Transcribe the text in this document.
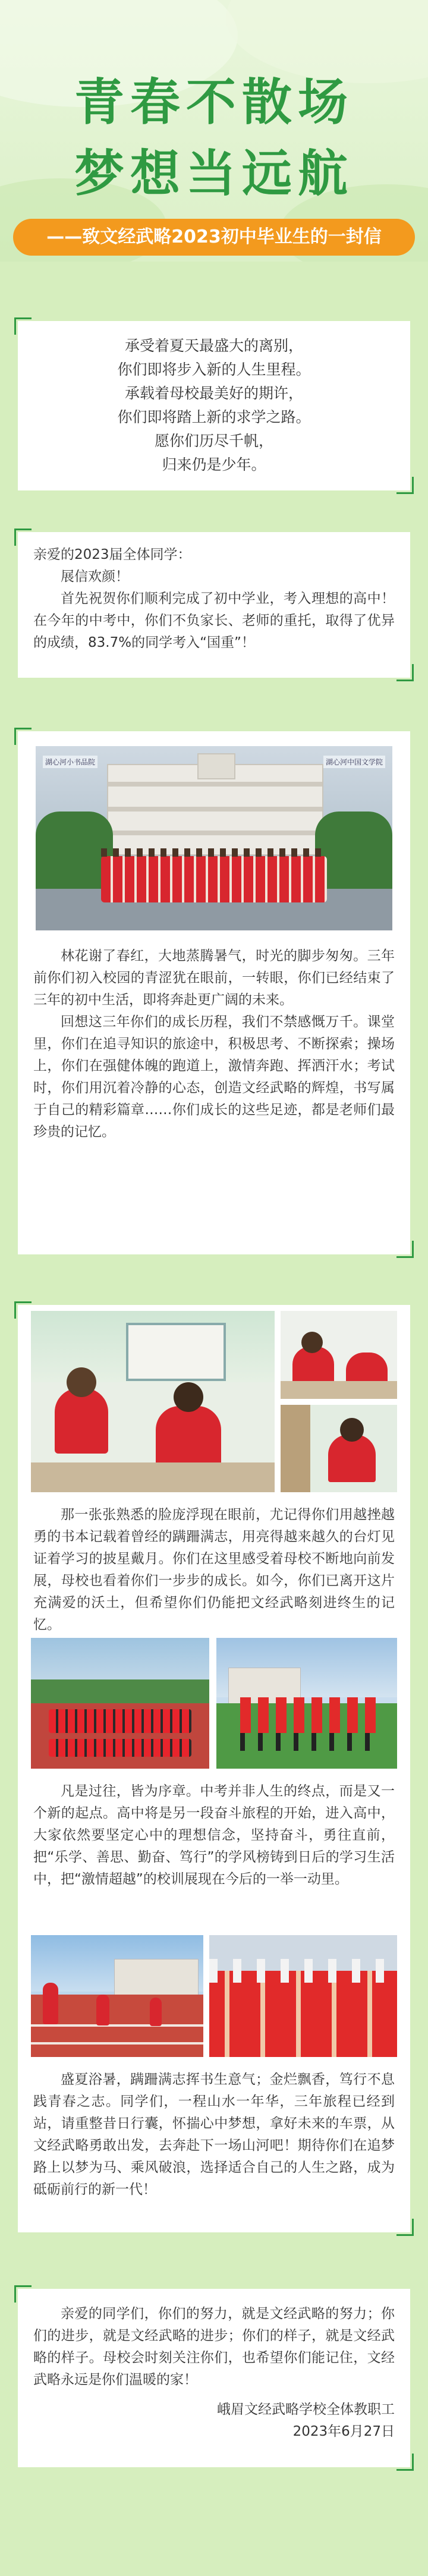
青春不散场
梦想当远航
——致文经武略2023初中毕业生的一封信
承受着夏天最盛大的离别，
你们即将步入新的人生里程。
承载着母校最美好的期许，
你们即将踏上新的求学之路。
愿你们历尽千帆，
归来仍是少年。

亲爱的2023届全体同学：

展信欢颜！

首先祝贺你们顺利完成了初中学业，考入理想的高中！在今年的中考中，你们不负家长、老师的重托，取得了优异的成绩，83.7%的同学考入“国重”！

湖心河小书品院	湖心河中国文学院

林花谢了春红，大地蒸腾暑气，时光的脚步匆匆。三年前你们初入校园的青涩犹在眼前，一转眼，你们已经结束了三年的初中生活，即将奔赴更广阔的未来。

回想这三年你们的成长历程，我们不禁感慨万千。课堂里，你们在追寻知识的旅途中，积极思考、不断探索；操场上，你们在强健体魄的跑道上，激情奔跑、挥洒汗水；考试时，你们用沉着冷静的心态，创造文经武略的辉煌，书写属于自己的精彩篇章……你们成长的这些足迹，都是老师们最珍贵的记忆。

那一张张熟悉的脸庞浮现在眼前，尤记得你们用越挫越勇的书本记载着曾经的蹒跚满志，用亮得越来越久的台灯见证着学习的披星戴月。你们在这里感受着母校不断地向前发展，母校也看着你们一步步的成长。如今，你们已离开这片充满爱的沃土，但希望你们仍能把文经武略刻进终生的记忆。

凡是过往，皆为序章。中考并非人生的终点，而是又一个新的起点。高中将是另一段奋斗旅程的开始，进入高中，大家依然要坚定心中的理想信念，坚持奋斗，勇往直前，把“乐学、善思、勤奋、笃行”的学风榜铸到日后的学习生活中，把“激情超越”的校训展现在今后的一举一动里。

盛夏浴暑，蹒跚满志挥书生意气；金烂飘香，笃行不息践青春之志。同学们，一程山水一年华，三年旅程已经到站，请重整昔日行囊，怀揣心中梦想，拿好未来的车票，从文经武略勇敢出发，去奔赴下一场山河吧！期待你们在追梦路上以梦为马、乘风破浪，选择适合自己的人生之路，成为砥砺前行的新一代！

亲爱的同学们，你们的努力，就是文经武略的努力；你们的进步，就是文经武略的进步；你们的样子，就是文经武略的样子。母校会时刻关注你们，也希望你们能记住，文经武略永远是你们温暖的家！

峨眉文经武略学校全体教职工
2023年6月27日
